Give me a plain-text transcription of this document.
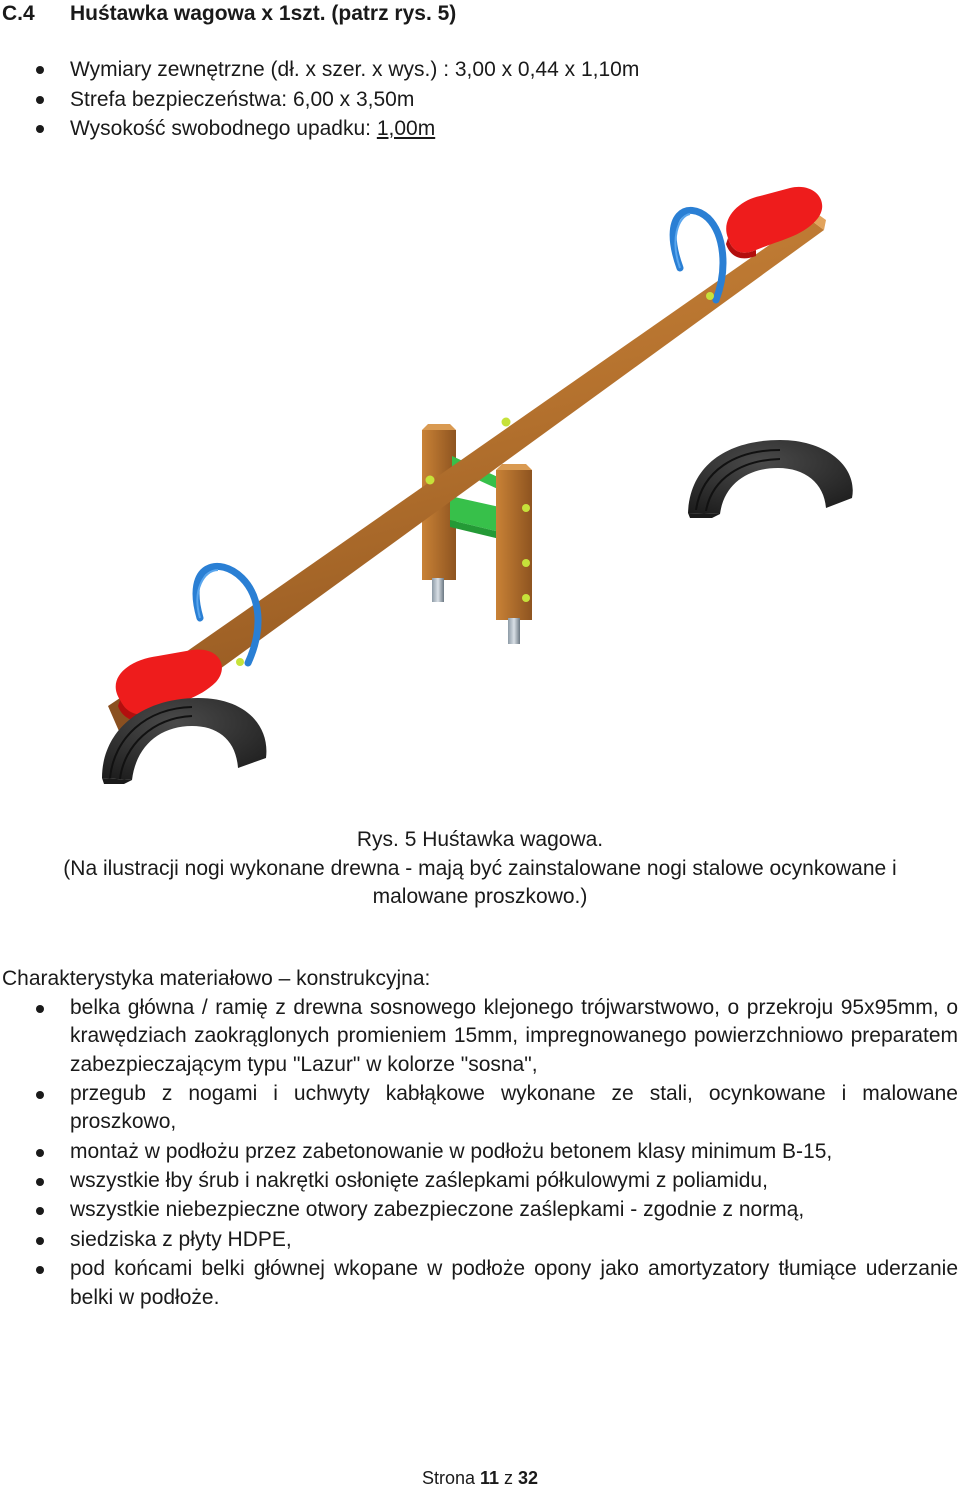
C.4 Huśtawka wagowa x 1szt. (patrz rys. 5)
Wymiary zewnętrzne (dł. x szer. x wys.) : 3,00 x 0,44 x 1,10m
Strefa bezpieczeństwa: 6,00 x 3,50m
Wysokość swobodnego upadku: 1,00m
Rys. 5 Huśtawka wagowa.
(Na ilustracji nogi wykonane drewna - mają być zainstalowane nogi stalowe ocynkowane i
malowane proszkowo.)
Charakterystyka materiałowo – konstrukcyjna:
belka główna / ramię z drewna sosnowego klejonego trójwarstwowo, o przekroju 95x95mm, o krawędziach zaokrąglonych promieniem 15mm, impregnowanego powierzchniowo preparatem zabezpieczającym typu "Lazur" w kolorze "sosna",
przegub z nogami i uchwyty kabłąkowe wykonane ze stali, ocynkowane i malowane proszkowo,
montaż w podłożu przez zabetonowanie w podłożu betonem klasy minimum B-15,
wszystkie łby śrub i nakrętki osłonięte zaślepkami półkulowymi z poliamidu,
wszystkie niebezpieczne otwory zabezpieczone zaślepkami - zgodnie z normą,
siedziska z płyty HDPE,
pod końcami belki głównej wkopane w podłoże opony jako amortyzatory tłumiące uderzanie belki w podłoże.
Strona 11 z 32
